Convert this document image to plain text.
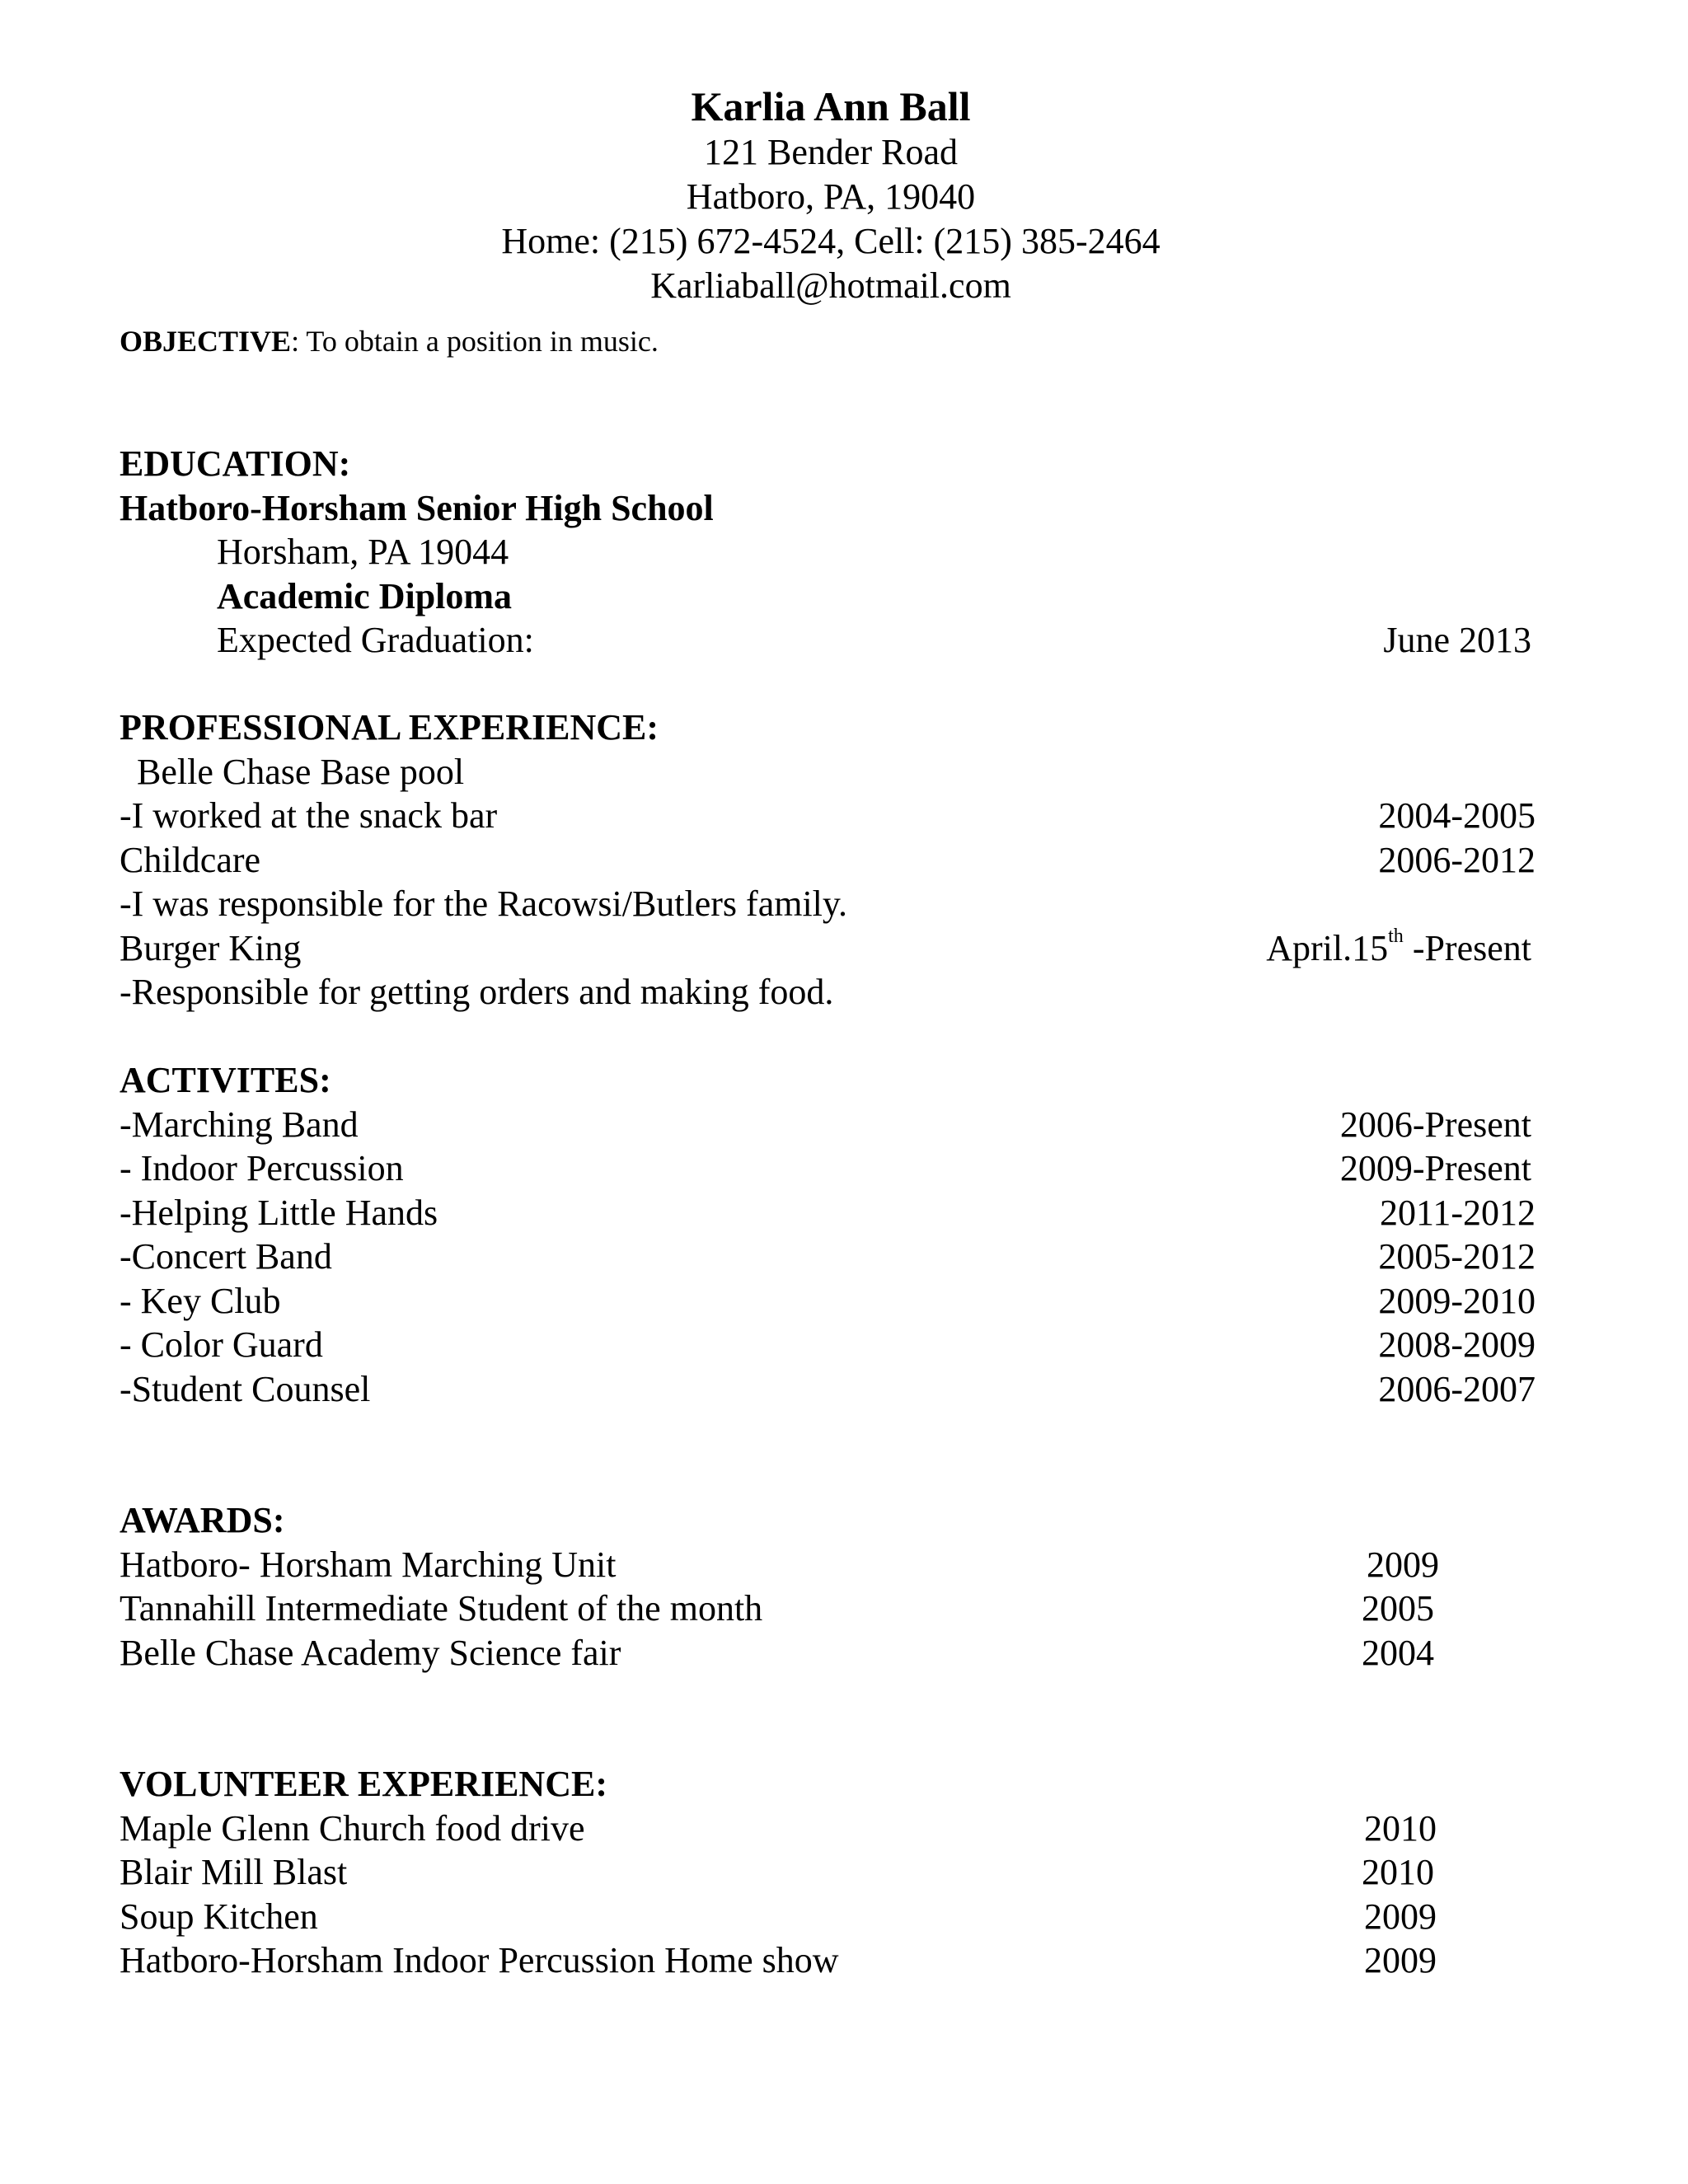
Karlia Ann Ball
121 Bender Road
Hatboro, PA, 19040
Home: (215) 672-4524, Cell: (215) 385-2464
Karliaball@hotmail.com
OBJECTIVE: To obtain a position in music.
EDUCATION:
Hatboro-Horsham Senior High School
Horsham, PA 19044
Academic Diploma
Expected Graduation:	June 2013
PROFESSIONAL EXPERIENCE:
Belle Chase Base pool
-I worked at the snack bar	2004-2005
Childcare	2006-2012
-I was responsible for the Racowsi/Butlers family.
Burger King	April.15th -Present
-Responsible for getting orders and making food.
ACTIVITES:
-Marching Band	2006-Present
- Indoor Percussion	2009-Present
-Helping Little Hands	2011-2012
-Concert Band	2005-2012
- Key Club	2009-2010
- Color Guard	2008-2009
-Student Counsel	2006-2007
AWARDS:
Hatboro- Horsham Marching Unit	2009
Tannahill Intermediate Student of the month	2005
Belle Chase Academy Science fair	2004
VOLUNTEER EXPERIENCE:
Maple Glenn Church food drive	2010
Blair Mill Blast	2010
Soup Kitchen	2009
Hatboro-Horsham Indoor Percussion Home show	2009
